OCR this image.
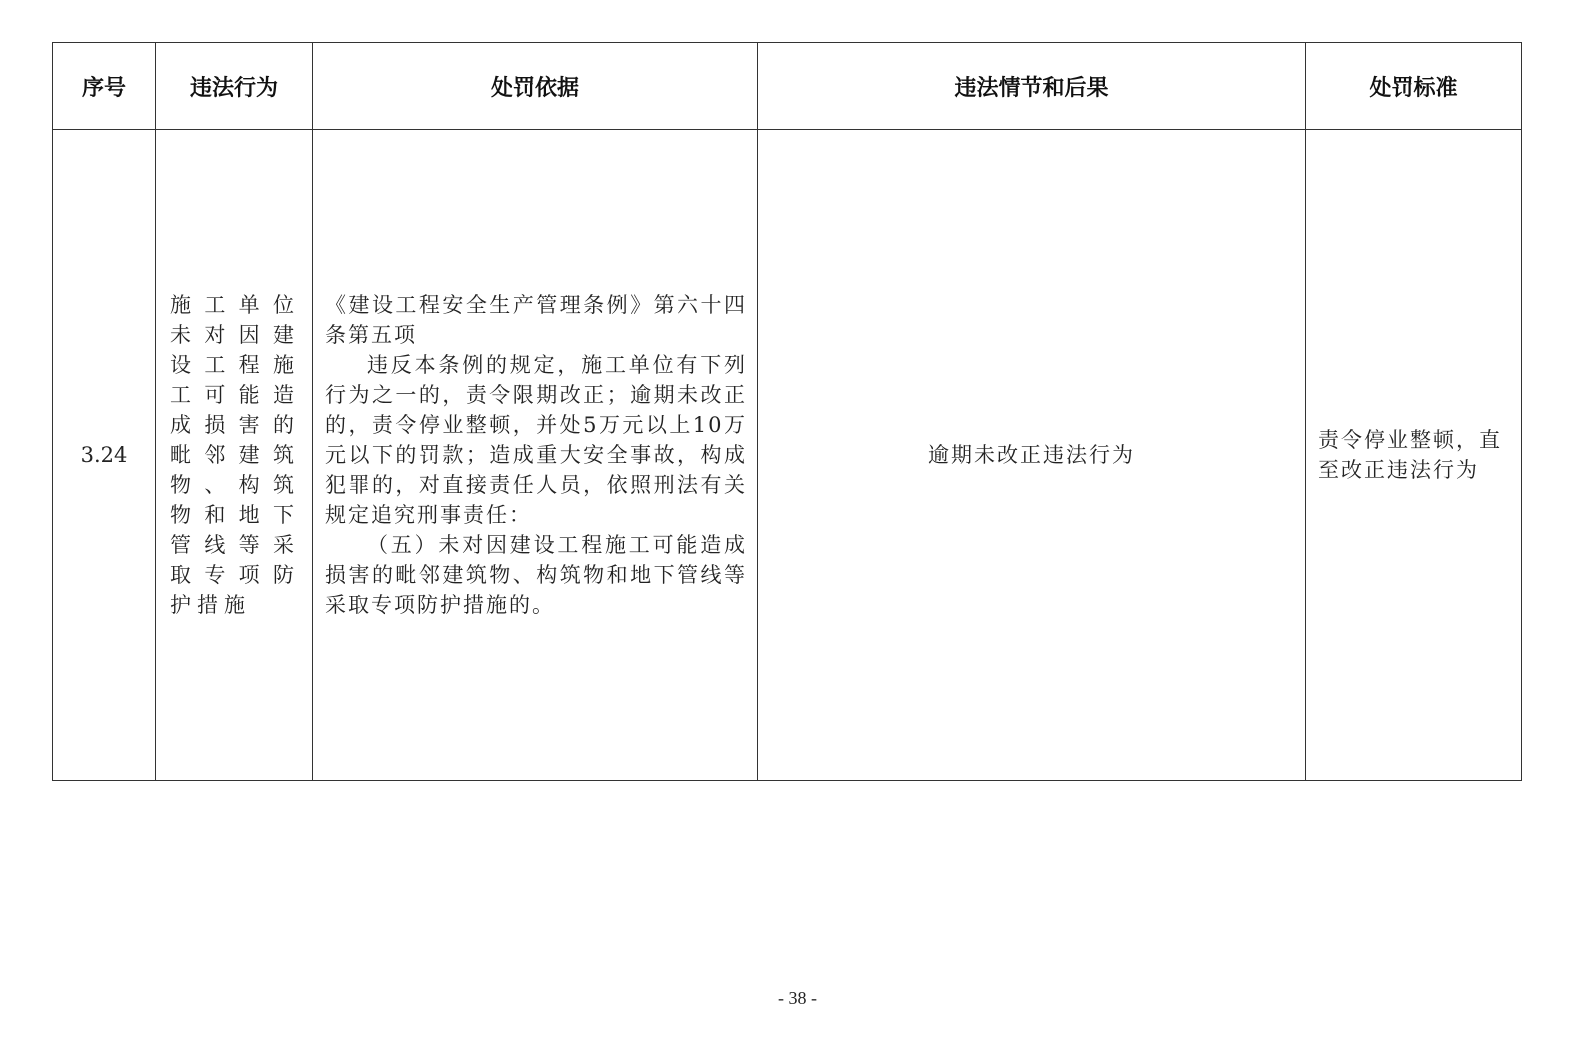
序号	违法行为	处罚依据	违法情节和后果	处罚标准
3.24	施工单位未对因建设工程施工可能造成损害的毗邻建筑物、构筑物和地下管线等采取专项防护措施	《建设工程安全生产管理条例》第六十四条第五项

违反本条例的规定，施工单位有下列行为之一的，责令限期改正；逾期未改正的，责令停业整顿，并处5万元以上10万元以下的罚款；造成重大安全事故，构成犯罪的，对直接责任人员，依照刑法有关规定追究刑事责任：

（五）未对因建设工程施工可能造成损害的毗邻建筑物、构筑物和地下管线等采取专项防护措施的。	逾期未改正违法行为	责令停业整顿，直至改正违法行为
- 38 -
